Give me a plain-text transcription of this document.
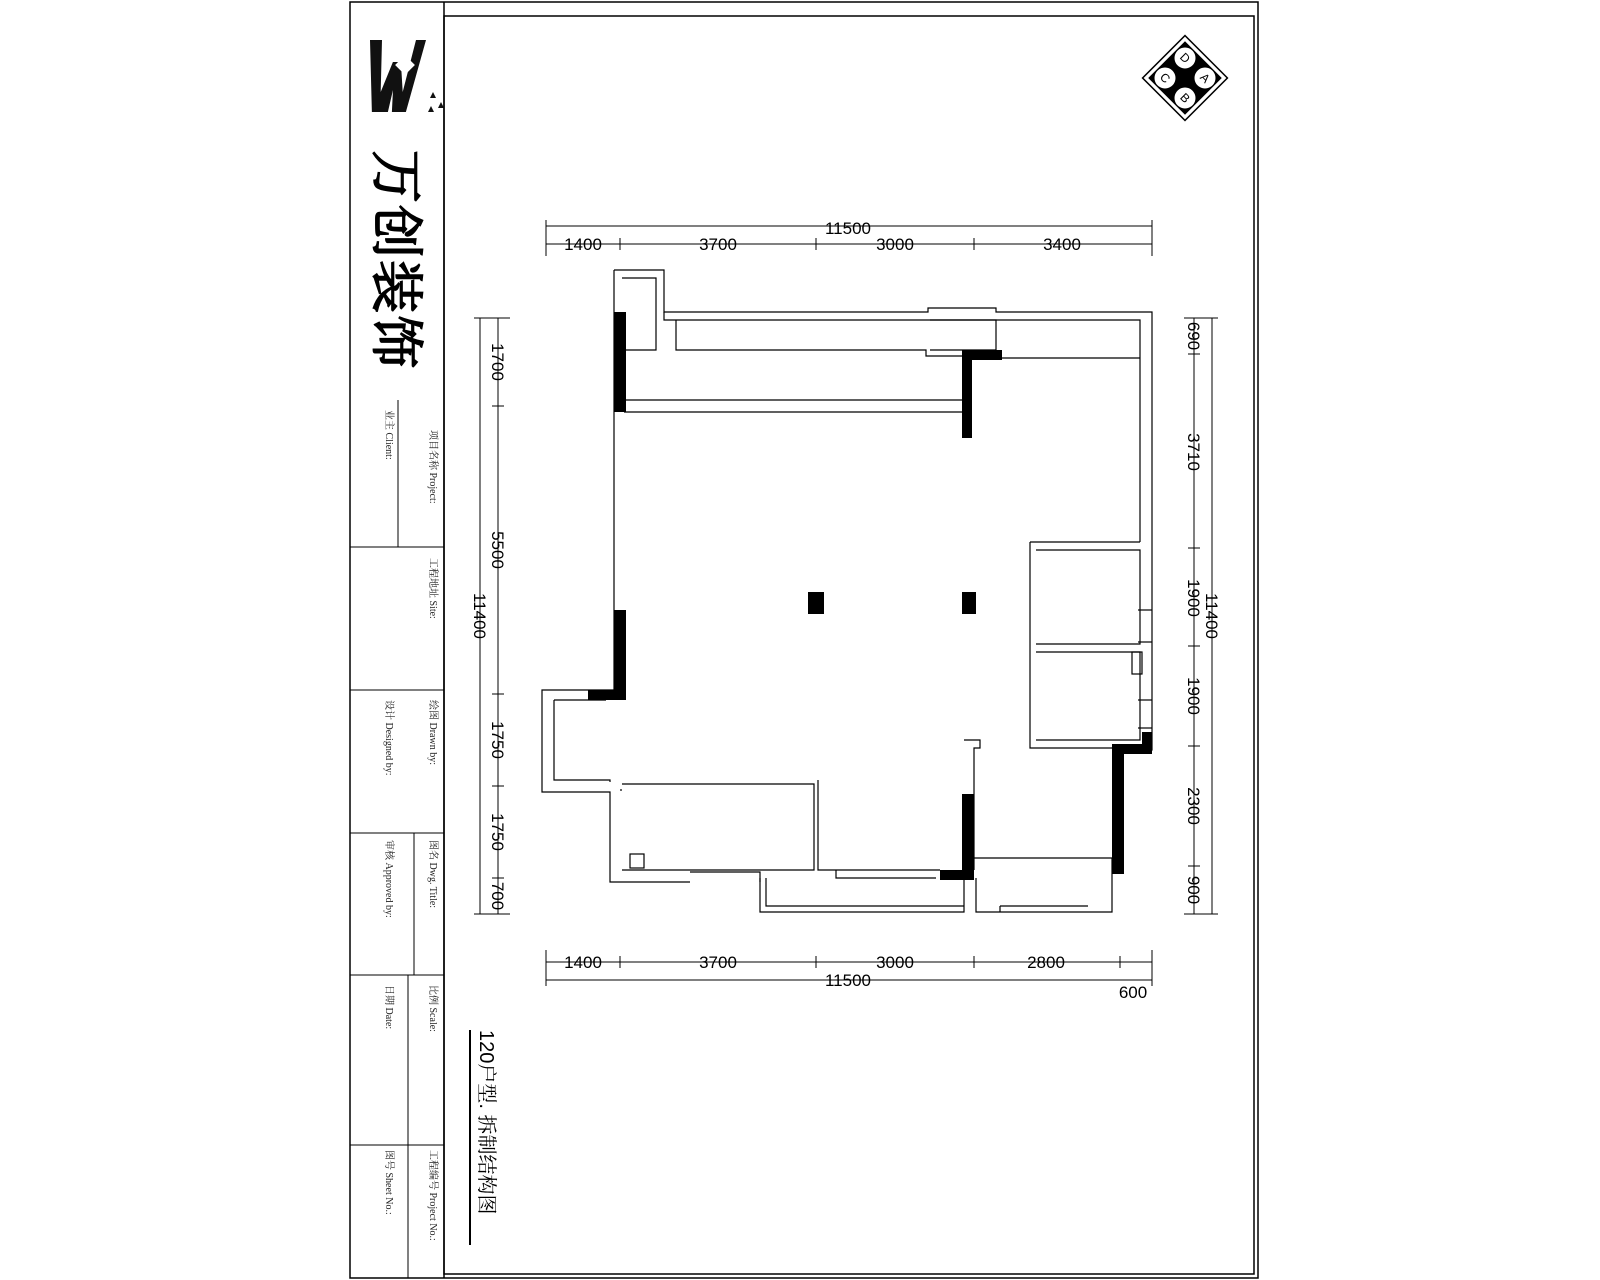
万创装饰
项目名称 Project:
业主 Client:
工程地址 Site:
设计 Designed by:	绘图 Drawn by:
审核 Approved by:	图名 Dwg. Title:
比例 Scale:
日期 Date:
工程编号 Project No.:
图号 Sheet No.:	120户型. 拆制结构图
A
B
C
D
11500
1400	3700	3000	3400
1400	3700	3000	2800
11500
600
1700
5500
11400
1750
1750
700
690
3710
1900 11400
1900
2300
900
